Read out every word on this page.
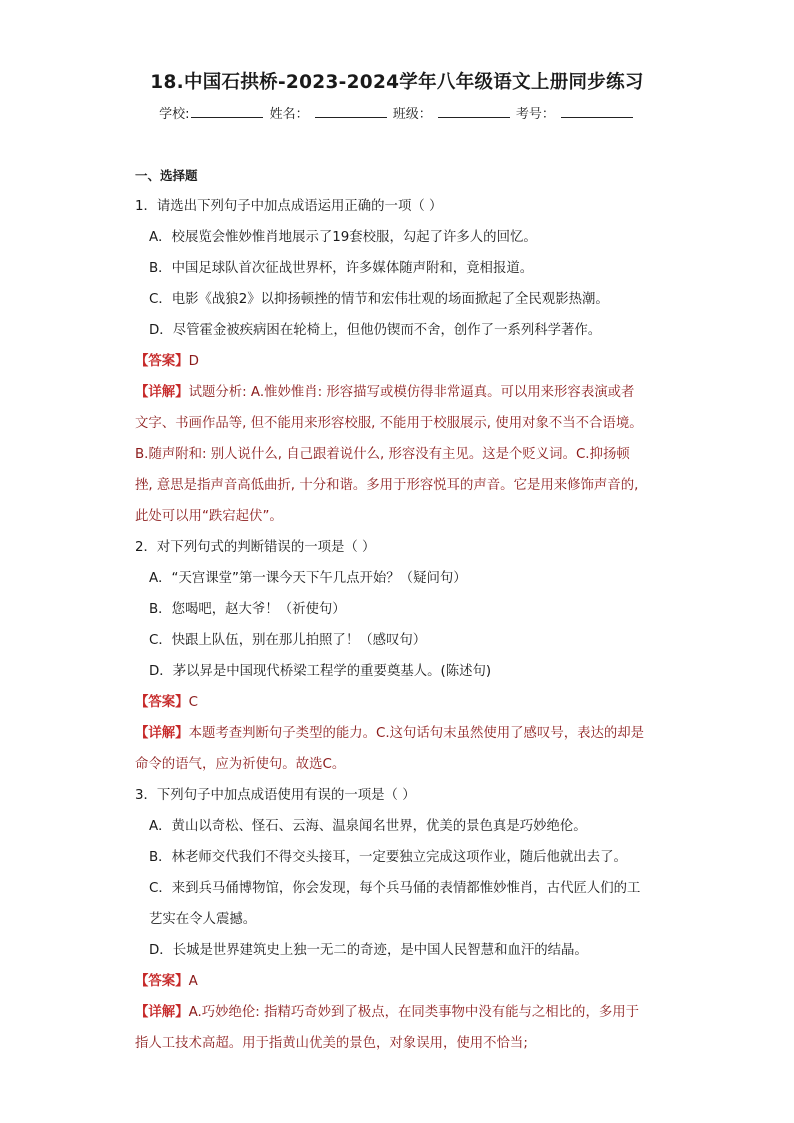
18.中国石拱桥-2023-2024学年八年级语文上册同步练习
学校:	姓名：	班级：	考号：
一、选择题
1．请选出下列句子中加点成语运用正确的一项（ ）
A．校展览会惟妙惟肖地展示了19套校服，勾起了许多人的回忆。
B．中国足球队首次征战世界杯，许多媒体随声附和，竟相报道。
C．电影《战狼2》以抑扬顿挫的情节和宏伟壮观的场面掀起了全民观影热潮。
D．尽管霍金被疾病困在轮椅上，但他仍锲而不舍，创作了一系列科学著作。
【答案】D
【详解】试题分析: A.惟妙惟肖: 形容描写或模仿得非常逼真。可以用来形容表演或者
文字、书画作品等, 但不能用来形容校服, 不能用于校服展示, 使用对象不当不合语境。
B.随声附和: 别人说什么, 自己跟着说什么, 形容没有主见。这是个贬义词。C.抑扬顿
挫, 意思是指声音高低曲折, 十分和谐。多用于形容悦耳的声音。它是用来修饰声音的,
此处可以用“跌宕起伏”。
2．对下列句式的判断错误的一项是（ ）
A．“天宫课堂”第一课今天下午几点开始？（疑问句）
B．您喝吧，赵大爷！（祈使句）
C．快跟上队伍，别在那儿拍照了！（感叹句）
D．茅以昇是中国现代桥梁工程学的重要奠基人。(陈述句)
【答案】C
【详解】本题考查判断句子类型的能力。C.这句话句末虽然使用了感叹号，表达的却是
命令的语气，应为祈使句。故选C。
3．下列句子中加点成语使用有误的一项是（ ）
A．黄山以奇松、怪石、云海、温泉闻名世界，优美的景色真是巧妙绝伦。
B．林老师交代我们不得交头接耳，一定要独立完成这项作业，随后他就出去了。
C．来到兵马俑博物馆，你会发现，每个兵马俑的表情都惟妙惟肖，古代匠人们的工
艺实在令人震撼。
D．长城是世界建筑史上独一无二的奇迹，是中国人民智慧和血汗的结晶。
【答案】A
【详解】A.巧妙绝伦: 指精巧奇妙到了极点，在同类事物中没有能与之相比的，多用于
指人工技术高超。用于指黄山优美的景色，对象误用，使用不恰当;
